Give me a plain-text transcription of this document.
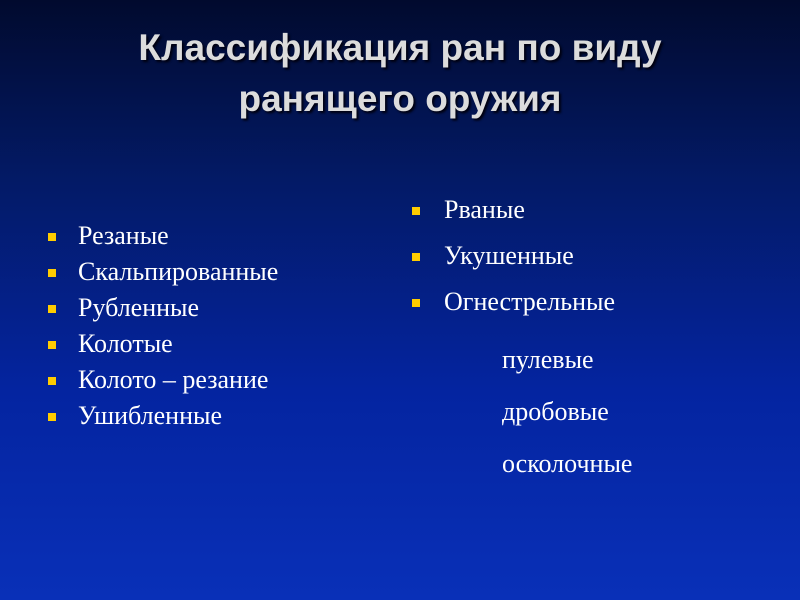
Классификация ран по виду
ранящего оружия
Резаные
Скальпированные
Рубленные
Колотые
Колото – резание
Ушибленные
Рваные
Укушенные
Огнестрельные
пулевые
дробовые
осколочные
